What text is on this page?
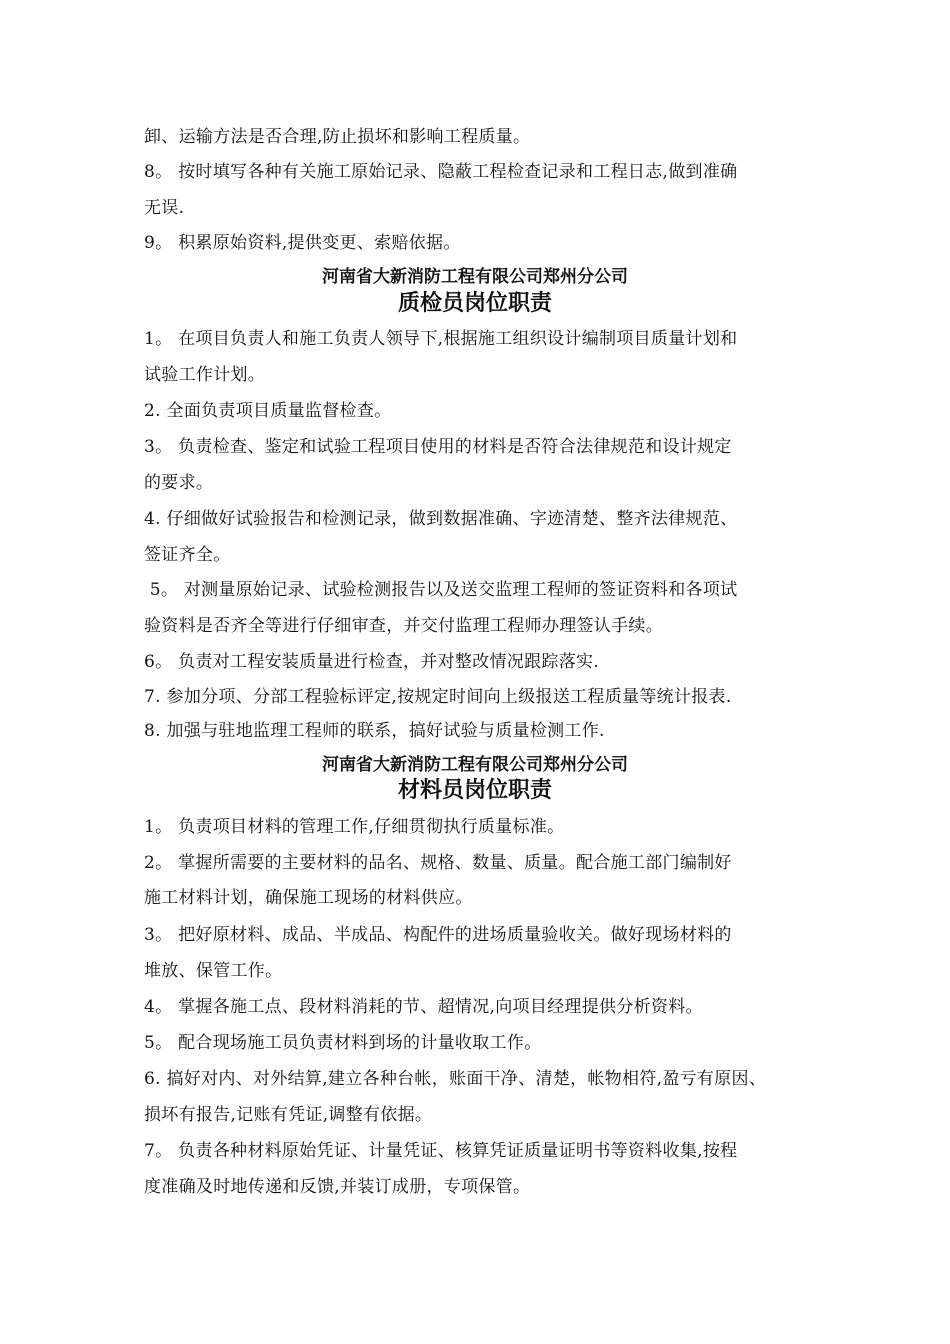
卸、运输方法是否合理,防止损坏和影响工程质量。
8。 按时填写各种有关施工原始记录、隐蔽工程检查记录和工程日志,做到准确
无误.
9。 积累原始资料,提供变更、索赔依据。
河南省大新消防工程有限公司郑州分公司
质检员岗位职责
1。 在项目负责人和施工负责人领导下,根据施工组织设计编制项目质量计划和
试验工作计划。
2. 全面负责项目质量监督检查。
3。 负责检查、鉴定和试验工程项目使用的材料是否符合法律规范和设计规定
的要求。
4. 仔细做好试验报告和检测记录，做到数据准确、字迹清楚、整齐法律规范、
签证齐全。
5。 对测量原始记录、试验检测报告以及送交监理工程师的签证资料和各项试
验资料是否齐全等进行仔细审查，并交付监理工程师办理签认手续。
6。 负责对工程安装质量进行检查，并对整改情况跟踪落实.
7. 参加分项、分部工程验标评定,按规定时间向上级报送工程质量等统计报表.
8. 加强与驻地监理工程师的联系，搞好试验与质量检测工作.
河南省大新消防工程有限公司郑州分公司
材料员岗位职责
1。 负责项目材料的管理工作,仔细贯彻执行质量标准。
2。 掌握所需要的主要材料的品名、规格、数量、质量。配合施工部门编制好
施工材料计划，确保施工现场的材料供应。
3。 把好原材料、成品、半成品、构配件的进场质量验收关。做好现场材料的
堆放、保管工作。
4。 掌握各施工点、段材料消耗的节、超情况,向项目经理提供分析资料。
5。 配合现场施工员负责材料到场的计量收取工作。
6. 搞好对内、对外结算,建立各种台帐，账面干净、清楚，帐物相符,盈亏有原因、
损坏有报告,记账有凭证,调整有依据。
7。 负责各种材料原始凭证、计量凭证、核算凭证质量证明书等资料收集,按程
度准确及时地传递和反馈,并装订成册，专项保管。
